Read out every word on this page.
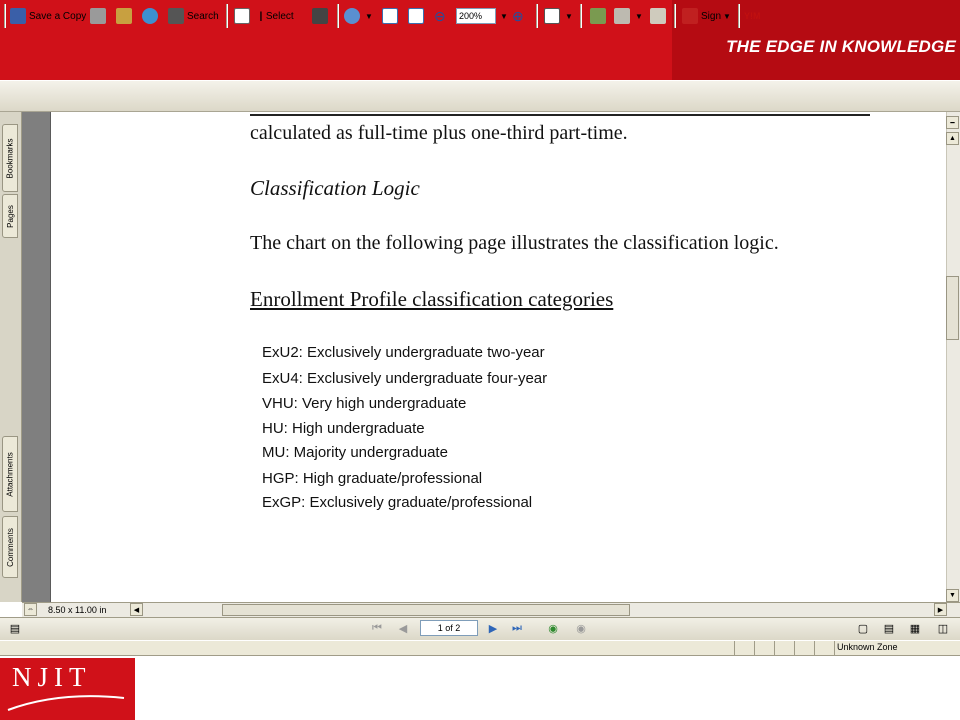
THE EDGE IN KNOWLEDGE
Save a Copy	Search	I Select	▼	⊖	200%	▼ ⊕	▼	▼	Sign ▼ Y!M
Bookmarks
Pages
Attachments
Comments
calculated as full-time plus one-third part-time.
Classification Logic
The chart on the following page illustrates the classification logic.
Enrollment Profile classification categories
ExU2: Exclusively undergraduate two-year
ExU4: Exclusively undergraduate four-year
VHU: Very high undergraduate
HU: High undergraduate
MU: Majority undergraduate
HGP: High graduate/professional
ExGP: Exclusively graduate/professional
━
▲
▼
⇔ 8.50 x 11.00 in	◀	▶
▤	⏮ ◀	1 of 2	▶ ⏭ ◉ ◉	▢ ▤ ▦ ◫
Unknown Zone
NJIT
